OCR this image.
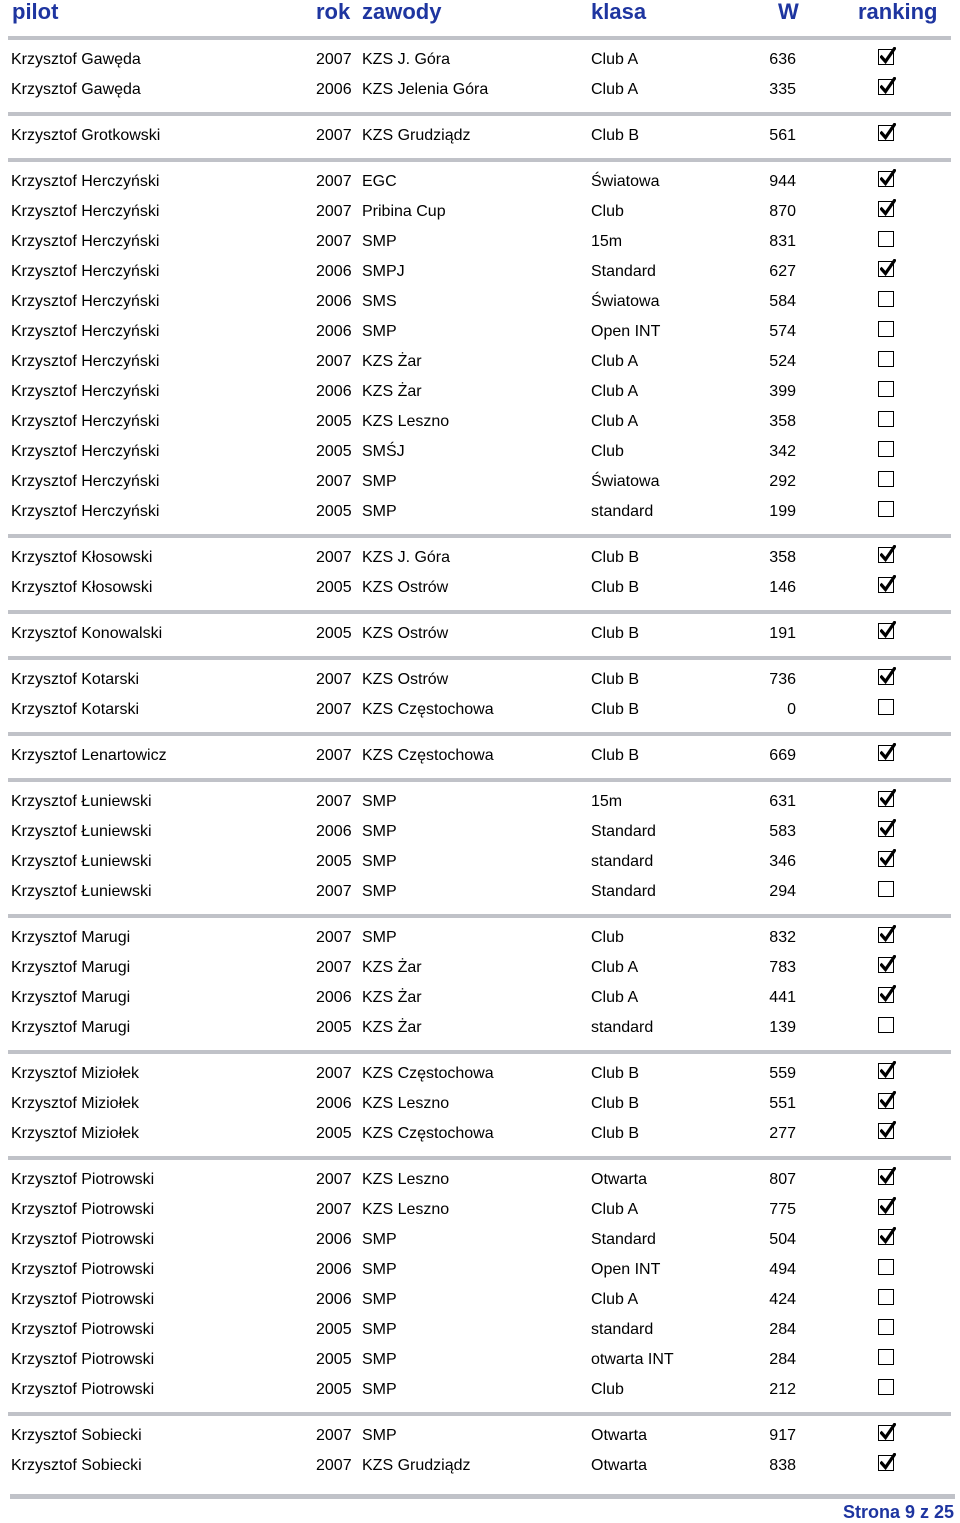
pilot	rok zawody	klasa	W	ranking
Krzysztof Gawęda	2007 KZS J. Góra	Club A	636
Krzysztof Gawęda	2006 KZS Jelenia Góra	Club A	335
Krzysztof Grotkowski	2007 KZS Grudziądz	Club B	561
Krzysztof Herczyński	2007 EGC	Światowa	944
Krzysztof Herczyński	2007 Pribina Cup	Club	870
Krzysztof Herczyński	2007 SMP	15m	831
Krzysztof Herczyński	2006 SMPJ	Standard	627
Krzysztof Herczyński	2006 SMS	Światowa	584
Krzysztof Herczyński	2006 SMP	Open INT	574
Krzysztof Herczyński	2007 KZS Żar	Club A	524
Krzysztof Herczyński	2006 KZS Żar	Club A	399
Krzysztof Herczyński	2005 KZS Leszno	Club A	358
Krzysztof Herczyński	2005 SMŚJ	Club	342
Krzysztof Herczyński	2007 SMP	Światowa	292
Krzysztof Herczyński	2005 SMP	standard	199
Krzysztof Kłosowski	2007 KZS J. Góra	Club B	358
Krzysztof Kłosowski	2005 KZS Ostrów	Club B	146
Krzysztof Konowalski	2005 KZS Ostrów	Club B	191
Krzysztof Kotarski	2007 KZS Ostrów	Club B	736
Krzysztof Kotarski	2007 KZS Częstochowa	Club B	0
Krzysztof Lenartowicz	2007 KZS Częstochowa	Club B	669
Krzysztof Łuniewski	2007 SMP	15m	631
Krzysztof Łuniewski	2006 SMP	Standard	583
Krzysztof Łuniewski	2005 SMP	standard	346
Krzysztof Łuniewski	2007 SMP	Standard	294
Krzysztof Marugi	2007 SMP	Club	832
Krzysztof Marugi	2007 KZS Żar	Club A	783
Krzysztof Marugi	2006 KZS Żar	Club A	441
Krzysztof Marugi	2005 KZS Żar	standard	139
Krzysztof Miziołek	2007 KZS Częstochowa	Club B	559
Krzysztof Miziołek	2006 KZS Leszno	Club B	551
Krzysztof Miziołek	2005 KZS Częstochowa	Club B	277
Krzysztof Piotrowski	2007 KZS Leszno	Otwarta	807
Krzysztof Piotrowski	2007 KZS Leszno	Club A	775
Krzysztof Piotrowski	2006 SMP	Standard	504
Krzysztof Piotrowski	2006 SMP	Open INT	494
Krzysztof Piotrowski	2006 SMP	Club A	424
Krzysztof Piotrowski	2005 SMP	standard	284
Krzysztof Piotrowski	2005 SMP	otwarta INT	284
Krzysztof Piotrowski	2005 SMP	Club	212
Krzysztof Sobiecki	2007 SMP	Otwarta	917
Krzysztof Sobiecki	2007 KZS Grudziądz	Otwarta	838
Strona 9 z 25
